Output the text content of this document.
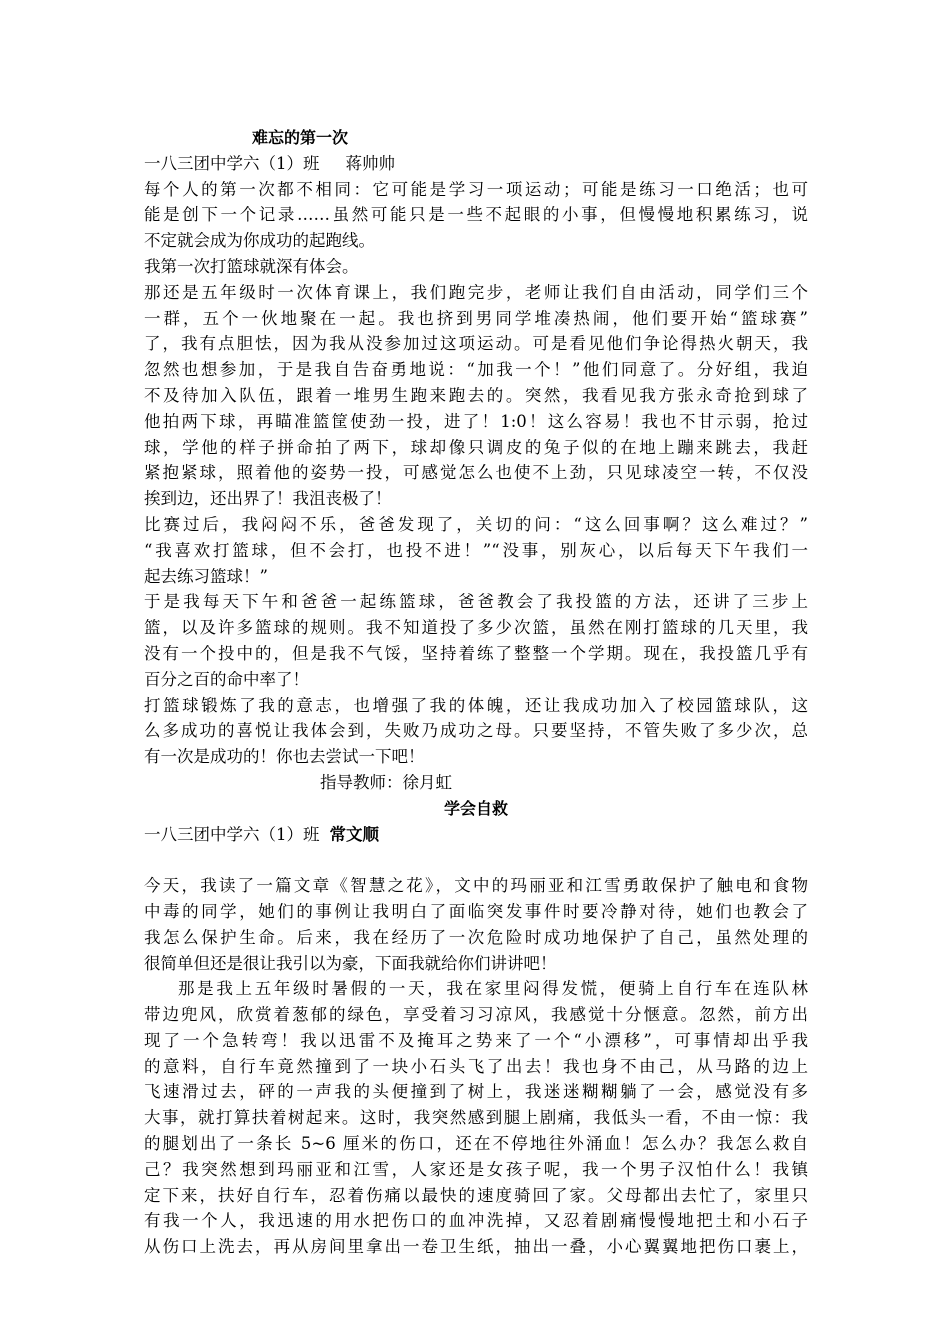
难忘的第一次
一八三团中学六（1）班 蒋帅帅
每个人的第一次都不相同：它可能是学习一项运动；可能是练习一口绝活；也可
能是创下一个记录……虽然可能只是一些不起眼的小事，但慢慢地积累练习，说
不定就会成为你成功的起跑线。
我第一次打篮球就深有体会。
那还是五年级时一次体育课上，我们跑完步，老师让我们自由活动，同学们三个
一群，五个一伙地聚在一起。我也挤到男同学堆凑热闹，他们要开始“篮球赛”
了，我有点胆怯，因为我从没参加过这项运动。可是看见他们争论得热火朝天，我
忽然也想参加，于是我自告奋勇地说：“加我一个！”他们同意了。分好组，我迫
不及待加入队伍，跟着一堆男生跑来跑去的。突然，我看见我方张永奇抢到球了
他拍两下球，再瞄准篮筐使劲一投，进了！1:0！这么容易！我也不甘示弱，抢过
球，学他的样子拼命拍了两下，球却像只调皮的兔子似的在地上蹦来跳去，我赶
紧抱紧球，照着他的姿势一投，可感觉怎么也使不上劲，只见球凌空一转，不仅没
挨到边，还出界了！我沮丧极了！
比赛过后，我闷闷不乐，爸爸发现了，关切的问：“这么回事啊？这么难过？”
“我喜欢打篮球，但不会打，也投不进！”“没事，别灰心，以后每天下午我们一
起去练习篮球！”
于是我每天下午和爸爸一起练篮球，爸爸教会了我投篮的方法，还讲了三步上
篮，以及许多篮球的规则。我不知道投了多少次篮，虽然在刚打篮球的几天里，我
没有一个投中的，但是我不气馁，坚持着练了整整一个学期。现在，我投篮几乎有
百分之百的命中率了！
打篮球锻炼了我的意志，也增强了我的体魄，还让我成功加入了校园篮球队，这
么多成功的喜悦让我体会到，失败乃成功之母。只要坚持，不管失败了多少次，总
有一次是成功的！你也去尝试一下吧！
指导教师：徐月虹
学会自救
一八三团中学六（1）班 常文顺
今天，我读了一篇文章《智慧之花》，文中的玛丽亚和江雪勇敢保护了触电和食物
中毒的同学，她们的事例让我明白了面临突发事件时要冷静对待，她们也教会了
我怎么保护生命。后来，我在经历了一次危险时成功地保护了自己，虽然处理的
很简单但还是很让我引以为豪，下面我就给你们讲讲吧！
那是我上五年级时暑假的一天，我在家里闷得发慌，便骑上自行车在连队林
带边兜风，欣赏着葱郁的绿色，享受着习习凉风，我感觉十分惬意。忽然，前方出
现了一个急转弯！我以迅雷不及掩耳之势来了一个“小漂移”，可事情却出乎我
的意料，自行车竟然撞到了一块小石头飞了出去！我也身不由己，从马路的边上
飞速滑过去，砰的一声我的头便撞到了树上，我迷迷糊糊躺了一会，感觉没有多
大事，就打算扶着树起来。这时，我突然感到腿上剧痛，我低头一看，不由一惊：我
的腿划出了一条长 5~6 厘米的伤口，还在不停地往外涌血！怎么办？我怎么救自
己？我突然想到玛丽亚和江雪，人家还是女孩子呢，我一个男子汉怕什么！我镇
定下来，扶好自行车，忍着伤痛以最快的速度骑回了家。父母都出去忙了，家里只
有我一个人，我迅速的用水把伤口的血冲洗掉，又忍着剧痛慢慢地把土和小石子
从伤口上洗去，再从房间里拿出一卷卫生纸，抽出一叠，小心翼翼地把伤口裹上，
